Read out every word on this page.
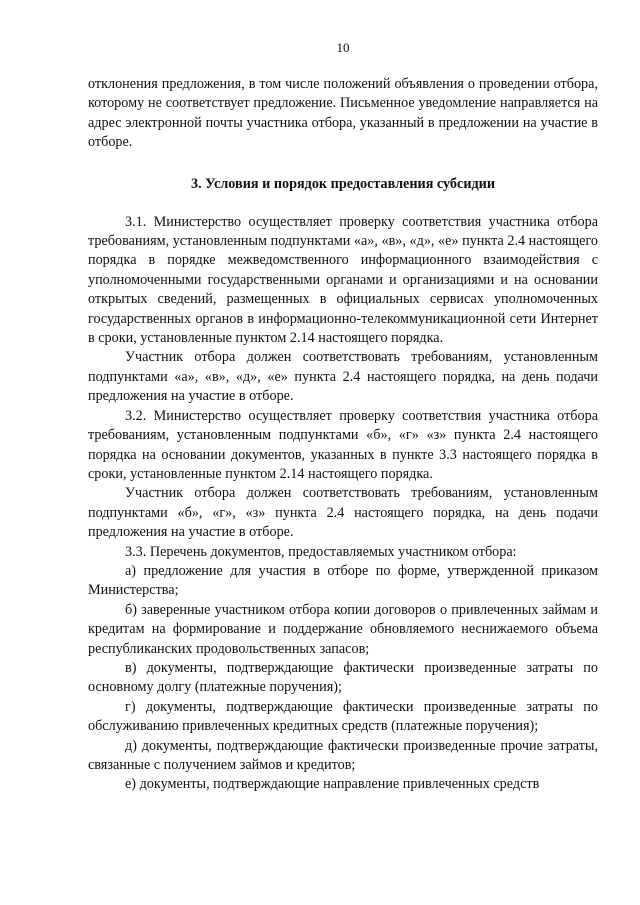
10

отклонения предложения, в том числе положений объявления о проведении отбора, которому не соответствует предложение. Письменное уведомление направляется на адрес электронной почты участника отбора, указанный в предложении на участие в отборе.

3. Условия и порядок предоставления субсидии

3.1. Министерство осуществляет проверку соответствия участника отбора требованиям, установленным подпунктами «а», «в», «д», «е» пункта 2.4 настоящего порядка в порядке межведомственного информационного взаимодействия с уполномоченными государственными органами и организациями и на основании открытых сведений, размещенных в официальных сервисах уполномоченных государственных органов в информационно-телекоммуникационной сети Интернет в сроки, установленные пунктом 2.14 настоящего порядка.

Участник отбора должен соответствовать требованиям, установленным подпунктами «а», «в», «д», «е» пункта 2.4 настоящего порядка, на день подачи предложения на участие в отборе.

3.2. Министерство осуществляет проверку соответствия участника отбора требованиям, установленным подпунктами «б», «г» «з» пункта 2.4 настоящего порядка на основании документов, указанных в пункте 3.3 настоящего порядка в сроки, установленные пунктом 2.14 настоящего порядка.

Участник отбора должен соответствовать требованиям, установленным подпунктами «б», «г», «з» пункта 2.4 настоящего порядка, на день подачи предложения на участие в отборе.

3.3. Перечень документов, предоставляемых участником отбора:

а) предложение для участия в отборе по форме, утвержденной приказом Министерства;

б) заверенные участником отбора копии договоров о привлеченных займам и кредитам на формирование и поддержание обновляемого неснижаемого объема республиканских продовольственных запасов;

в) документы, подтверждающие фактически произведенные затраты по основному долгу (платежные поручения);

г) документы, подтверждающие фактически произведенные затраты по обслуживанию привлеченных кредитных средств (платежные поручения);

д) документы, подтверждающие фактически произведенные прочие затраты, связанные с получением займов и кредитов;

е) документы, подтверждающие направление привлеченных средств
